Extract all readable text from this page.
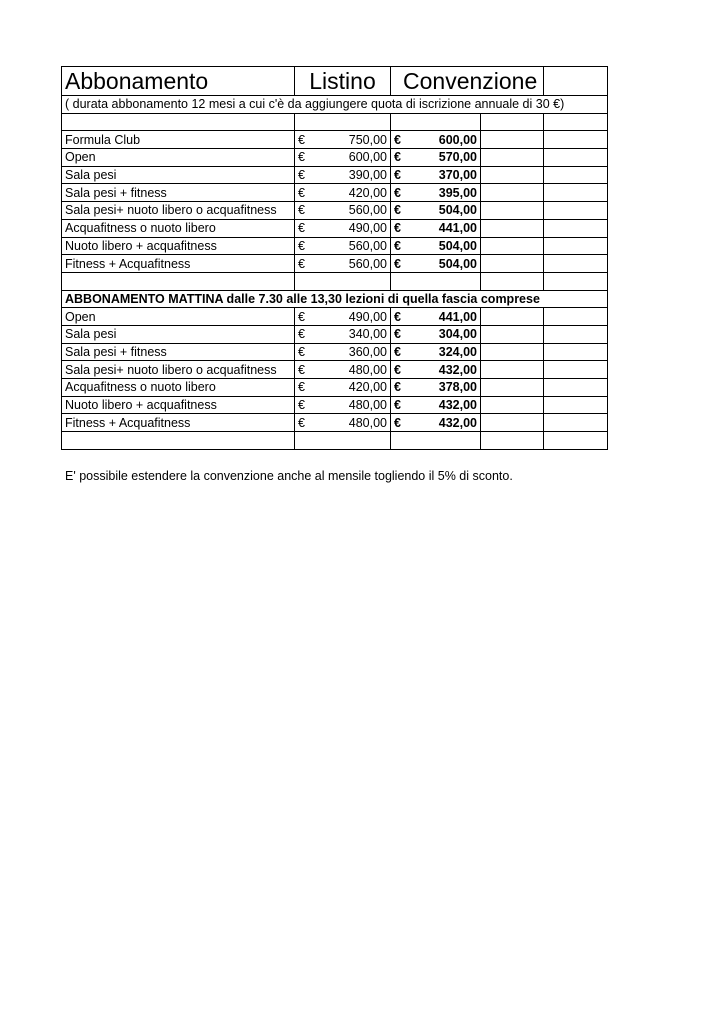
Abbonamento	Listino	Convenzione		
( durata abbonamento 12 mesi a cui c'è da aggiungere quota di iscrizione annuale di 30 €)				

Formula Club	€ 750,00	€ 600,00		

Open	€ 600,00	€ 570,00		

Sala pesi	€ 390,00	€ 370,00		

Sala pesi + fitness	€ 420,00	€ 395,00		

Sala pesi+ nuoto libero o acquafitness	€ 560,00	€ 504,00		

Acquafitness o nuoto libero	€ 490,00	€ 441,00		

Nuoto libero + acquafitness	€ 560,00	€ 504,00		

Fitness + Acquafitness	€ 560,00	€ 504,00		

ABBONAMENTO MATTINA dalle 7.30 alle 13,30 lezioni di quella fascia comprese				
Open	€ 490,00	€ 441,00		

Sala pesi	€ 340,00	€ 304,00		

Sala pesi + fitness	€ 360,00	€ 324,00		

Sala pesi+ nuoto libero o acquafitness	€ 480,00	€ 432,00		

Acquafitness o nuoto libero	€ 420,00	€ 378,00		

Nuoto libero + acquafitness	€ 480,00	€ 432,00		

Fitness + Acquafitness	€ 480,00	€ 432,00		

E' possibile estendere la convenzione anche al mensile togliendo il 5% di sconto.
